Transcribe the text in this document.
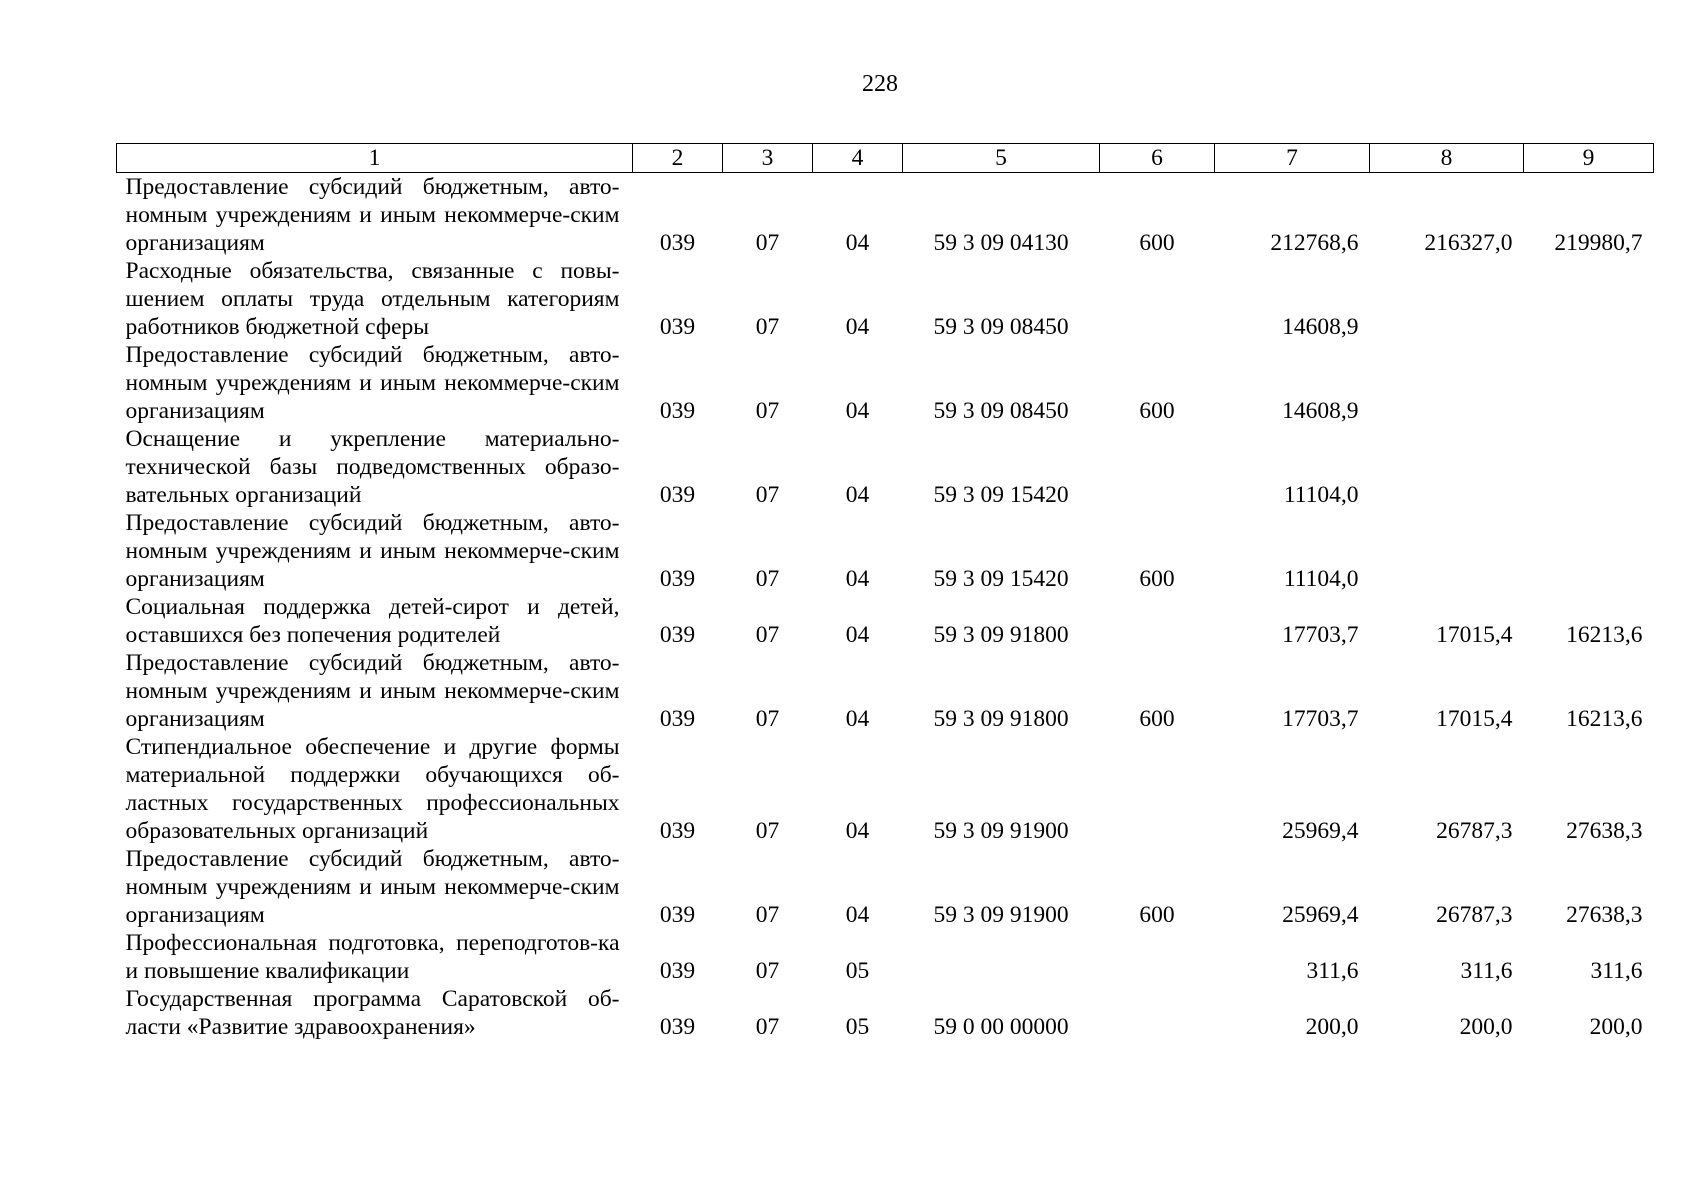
228
1	2	3	4	5	6	7	8	9
Предоставление субсидий бюджетным, авто-номным учреждениям и иным некоммерче-ским организациям	039	07	04	59 3 09 04130	600	212768,6	216327,0	219980,7
Расходные обязательства, связанные с повы-шением оплаты труда отдельным категориям работников бюджетной сферы	039	07	04	59 3 09 08450		14608,9		
Предоставление субсидий бюджетным, авто-номным учреждениям и иным некоммерче-ским организациям	039	07	04	59 3 09 08450	600	14608,9		
Оснащение и укрепление материально-технической базы подведомственных образо-вательных организаций	039	07	04	59 3 09 15420		11104,0		
Предоставление субсидий бюджетным, авто-номным учреждениям и иным некоммерче-ским организациям	039	07	04	59 3 09 15420	600	11104,0		
Социальная поддержка детей-сирот и детей, оставшихся без попечения родителей	039	07	04	59 3 09 91800		17703,7	17015,4	16213,6
Предоставление субсидий бюджетным, авто-номным учреждениям и иным некоммерче-ским организациям	039	07	04	59 3 09 91800	600	17703,7	17015,4	16213,6
Стипендиальное обеспечение и другие формы материальной поддержки обучающихся об-ластных государственных профессиональных образовательных организаций	039	07	04	59 3 09 91900		25969,4	26787,3	27638,3
Предоставление субсидий бюджетным, авто-номным учреждениям и иным некоммерче-ским организациям	039	07	04	59 3 09 91900	600	25969,4	26787,3	27638,3
Профессиональная подготовка, переподготов-ка и повышение квалификации	039	07	05			311,6	311,6	311,6
Государственная программа Саратовской об-ласти «Развитие здравоохранения»	039	07	05	59 0 00 00000		200,0	200,0	200,0
